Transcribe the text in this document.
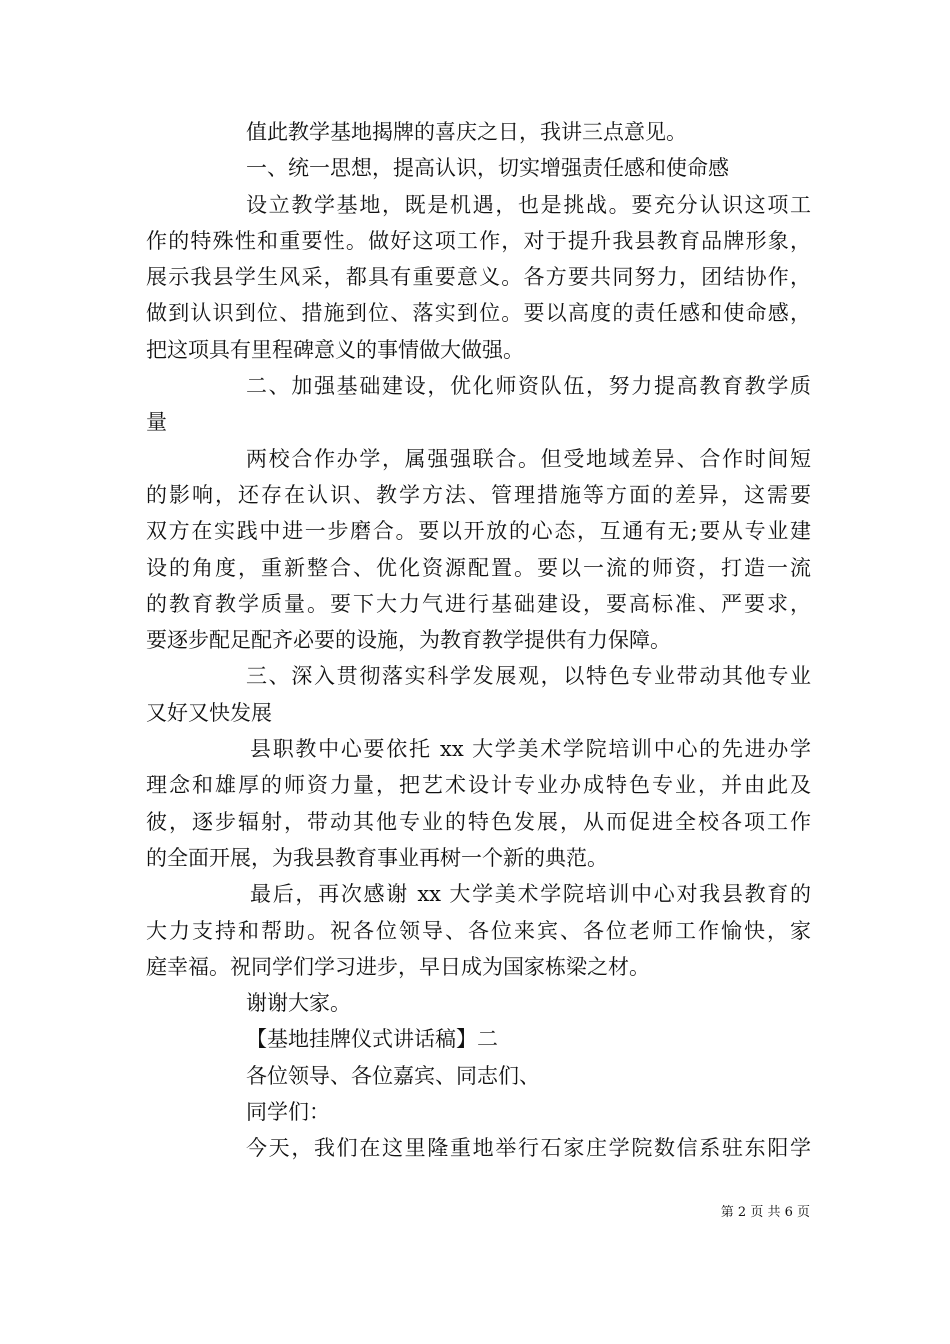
值此教学基地揭牌的喜庆之日，我讲三点意见。
一、统一思想，提高认识，切实增强责任感和使命感
设立教学基地，既是机遇，也是挑战。要充分认识这项工
作的特殊性和重要性。做好这项工作，对于提升我县教育品牌形象，
展示我县学生风采，都具有重要意义。各方要共同努力，团结协作，
做到认识到位、措施到位、落实到位。要以高度的责任感和使命感，
把这项具有里程碑意义的事情做大做强。
二、加强基础建设，优化师资队伍，努力提高教育教学质
量
两校合作办学，属强强联合。但受地域差异、合作时间短
的影响，还存在认识、教学方法、管理措施等方面的差异，这需要
双方在实践中进一步磨合。要以开放的心态，互通有无;要从专业建
设的角度，重新整合、优化资源配置。要以一流的师资，打造一流
的教育教学质量。要下大力气进行基础建设，要高标准、严要求，
要逐步配足配齐必要的设施，为教育教学提供有力保障。
三、深入贯彻落实科学发展观，以特色专业带动其他专业
又好又快发展
县职教中心要依托 xx 大学美术学院培训中心的先进办学
理念和雄厚的师资力量，把艺术设计专业办成特色专业，并由此及
彼，逐步辐射，带动其他专业的特色发展，从而促进全校各项工作
的全面开展，为我县教育事业再树一个新的典范。
最后，再次感谢 xx 大学美术学院培训中心对我县教育的
大力支持和帮助。祝各位领导、各位来宾、各位老师工作愉快，家
庭幸福。祝同学们学习进步，早日成为国家栋梁之材。
谢谢大家。
【基地挂牌仪式讲话稿】二
各位领导、各位嘉宾、同志们、
同学们：
今天，我们在这里隆重地举行石家庄学院数信系驻东阳学
第 2 页 共 6 页
